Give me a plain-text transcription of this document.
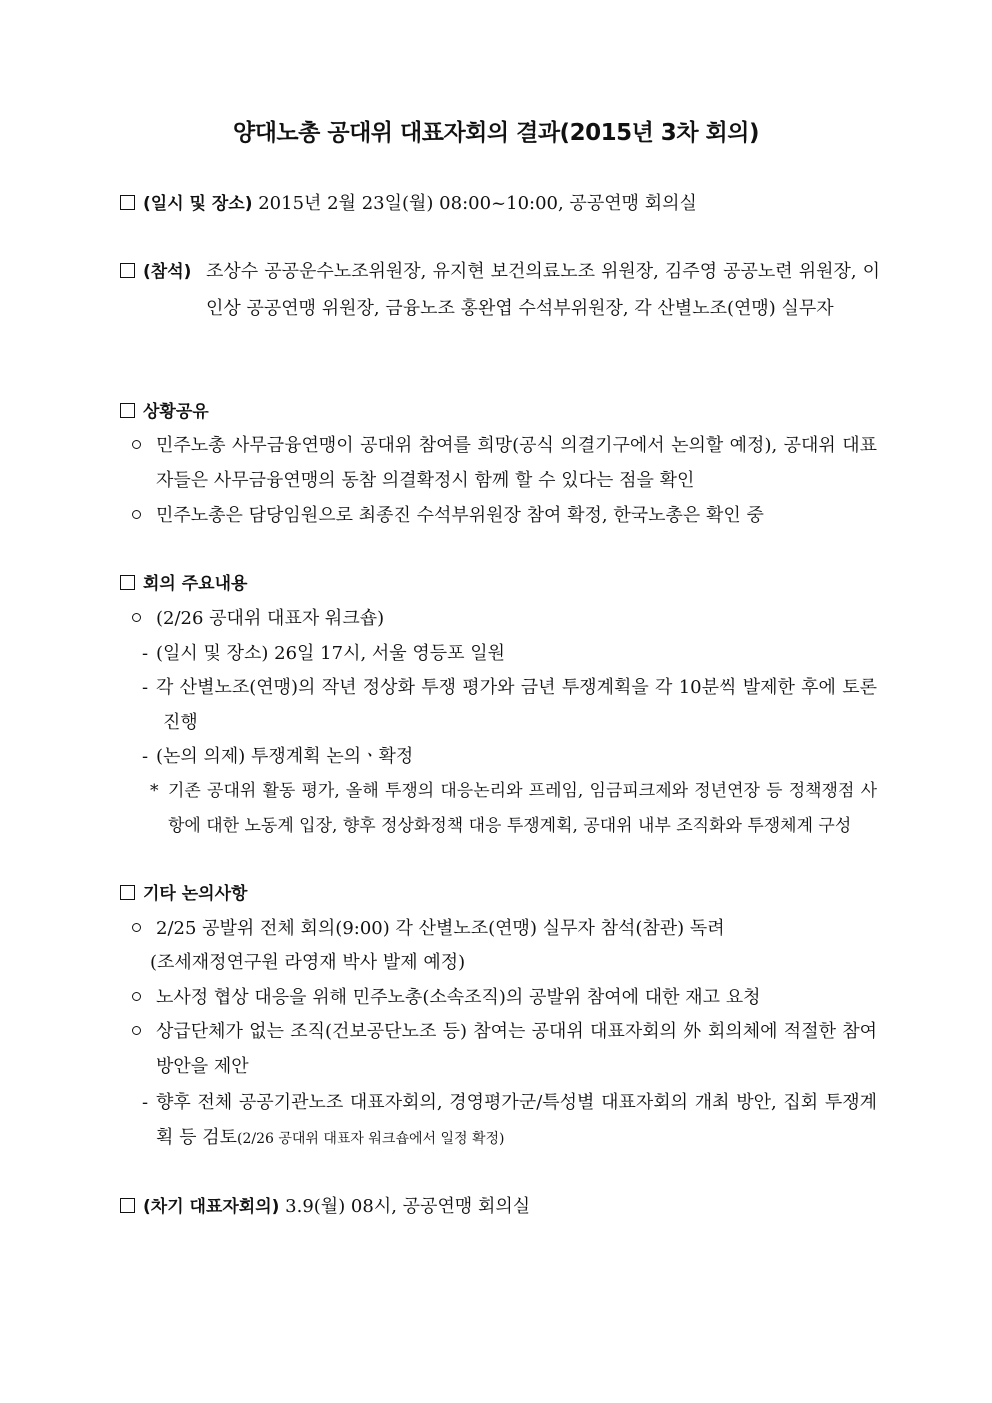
양대노총 공대위 대표자회의 결과(2015년 3차 회의)
(일시 및 장소) 2015년 2월 23일(월) 08:00~10:00, 공공연맹 회의실
(참석) 조상수 공공운수노조위원장, 유지현 보건의료노조 위원장, 김주영 공공노련 위원장, 이인상 공공연맹 위원장, 금융노조 홍완엽 수석부위원장, 각 산별노조(연맹) 실무자
상황공유
민주노총 사무금융연맹이 공대위 참여를 희망(공식 의결기구에서 논의할 예정), 공대위 대표자들은 사무금융연맹의 동참 의결확정시 함께 할 수 있다는 점을 확인
민주노총은 담당임원으로 최종진 수석부위원장 참여 확정, 한국노총은 확인 중
회의 주요내용
(2/26 공대위 대표자 워크숍)
- (일시 및 장소) 26일 17시, 서울 영등포 일원
- 각 산별노조(연맹)의 작년 정상화 투쟁 평가와 금년 투쟁계획을 각 10분씩 발제한 후에 토론 진행
- (논의 의제) 투쟁계획 논의ㆍ확정
* 기존 공대위 활동 평가, 올해 투쟁의 대응논리와 프레임, 임금피크제와 정년연장 등 정책쟁점 사항에 대한 노동계 입장, 향후 정상화정책 대응 투쟁계획, 공대위 내부 조직화와 투쟁체계 구성
기타 논의사항
2/25 공발위 전체 회의(9:00) 각 산별노조(연맹) 실무자 참석(참관) 독려
(조세재정연구원 라영재 박사 발제 예정)
노사정 협상 대응을 위해 민주노총(소속조직)의 공발위 참여에 대한 재고 요청
상급단체가 없는 조직(건보공단노조 등) 참여는 공대위 대표자회의 外 회의체에 적절한 참여방안을 제안
- 향후 전체 공공기관노조 대표자회의, 경영평가군/특성별 대표자회의 개최 방안, 집회 투쟁계획 등 검토(2/26 공대위 대표자 워크숍에서 일정 확정)
(차기 대표자회의) 3.9(월) 08시, 공공연맹 회의실
